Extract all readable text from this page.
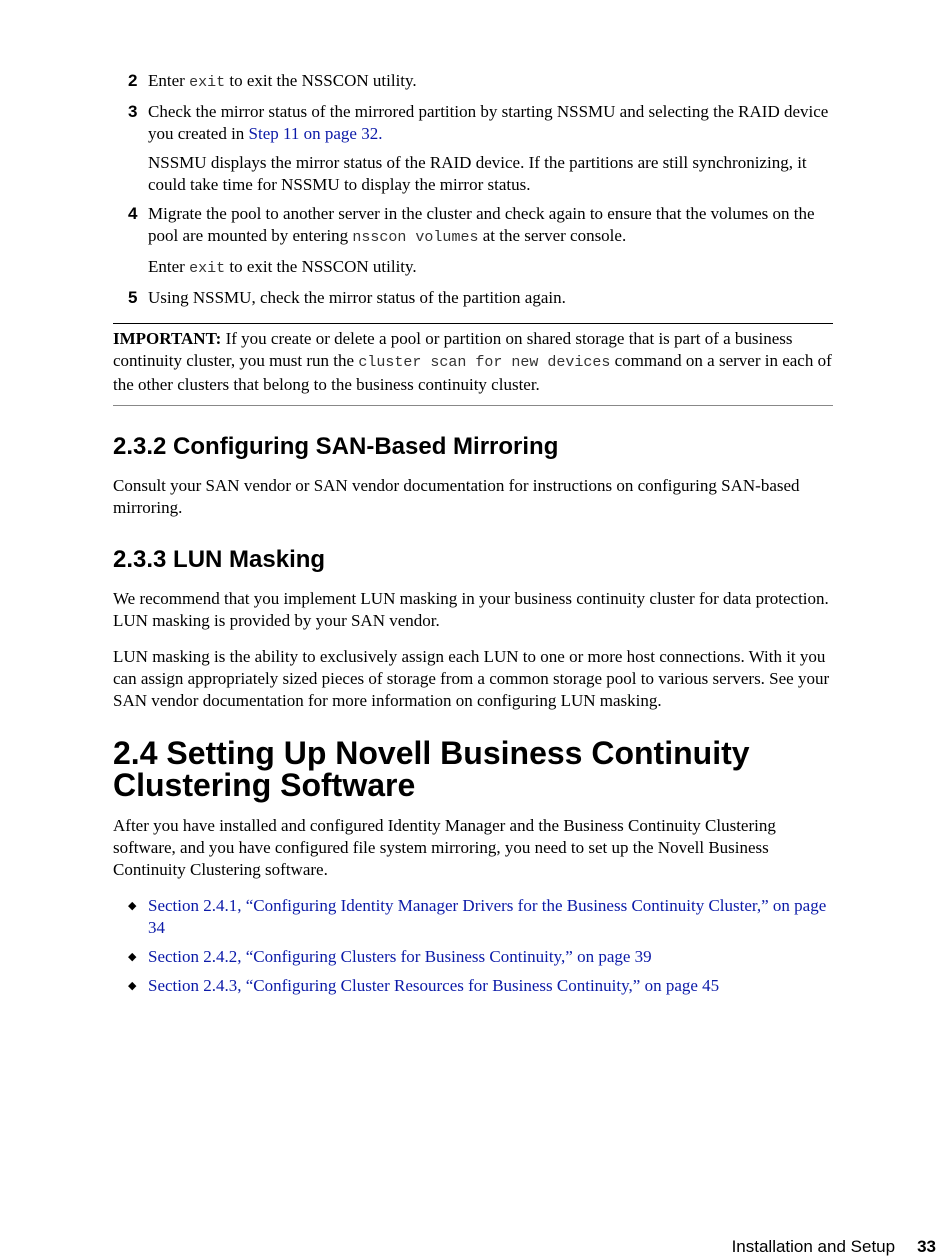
2 Enter exit to exit the NSSCON utility.

3 Check the mirror status of the mirrored partition by starting NSSMU and selecting the RAID device you created in Step 11 on page 32.

NSSMU displays the mirror status of the RAID device. If the partitions are still synchronizing, it could take time for NSSMU to display the mirror status.

4 Migrate the pool to another server in the cluster and check again to ensure that the volumes on the pool are mounted by entering nsscon volumes at the server console.

Enter exit to exit the NSSCON utility.

5 Using NSSMU, check the mirror status of the partition again.

IMPORTANT: If you create or delete a pool or partition on shared storage that is part of a business continuity cluster, you must run the cluster scan for new devices command on a server in each of the other clusters that belong to the business continuity cluster.
2.3.2 Configuring SAN-Based Mirroring

Consult your SAN vendor or SAN vendor documentation for instructions on configuring SAN-based mirroring.

2.3.3 LUN Masking

We recommend that you implement LUN masking in your business continuity cluster for data protection. LUN masking is provided by your SAN vendor.

LUN masking is the ability to exclusively assign each LUN to one or more host connections. With it you can assign appropriately sized pieces of storage from a common storage pool to various servers. See your SAN vendor documentation for more information on configuring LUN masking.

2.4 Setting Up Novell Business Continuity
Clustering Software

After you have installed and configured Identity Manager and the Business Continuity Clustering software, and you have configured file system mirroring, you need to set up the Novell Business Continuity Clustering software.

◆ Section 2.4.1, “Configuring Identity Manager Drivers for the Business Continuity Cluster,” on page 34
◆ Section 2.4.2, “Configuring Clusters for Business Continuity,” on page 39
◆ Section 2.4.3, “Configuring Cluster Resources for Business Continuity,” on page 45
Installation and Setup 33
